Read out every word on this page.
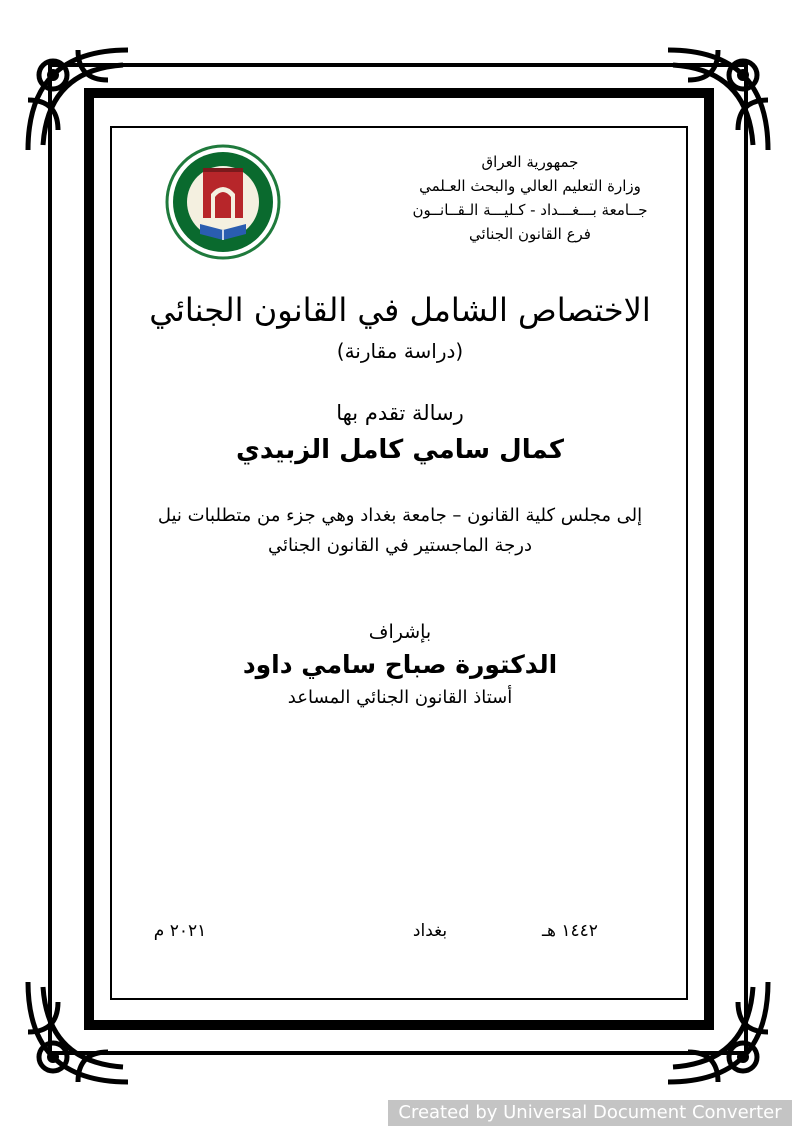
جمهورية العراق
وزارة التعليم العالي والبحث العـلمي
جــامعة بـــغـــداد - كـليـــة الـقــانــون
فرع القانون الجنائي
الاختصاص الشامل في القانون الجنائي
(دراسة مقارنة)
رسالة تقدم بها
كمال سامي كامل الزبيدي
إلى مجلس كلية القانون – جامعة بغداد وهي جزء من متطلبات نيل
درجة الماجستير في القانون الجنائي
بإشراف
الدكتورة صباح سامي داود
أستاذ القانون الجنائي المساعد
١٤٤٢ هـ
بغداد
٢٠٢١ م
Created by Universal Document Converter
